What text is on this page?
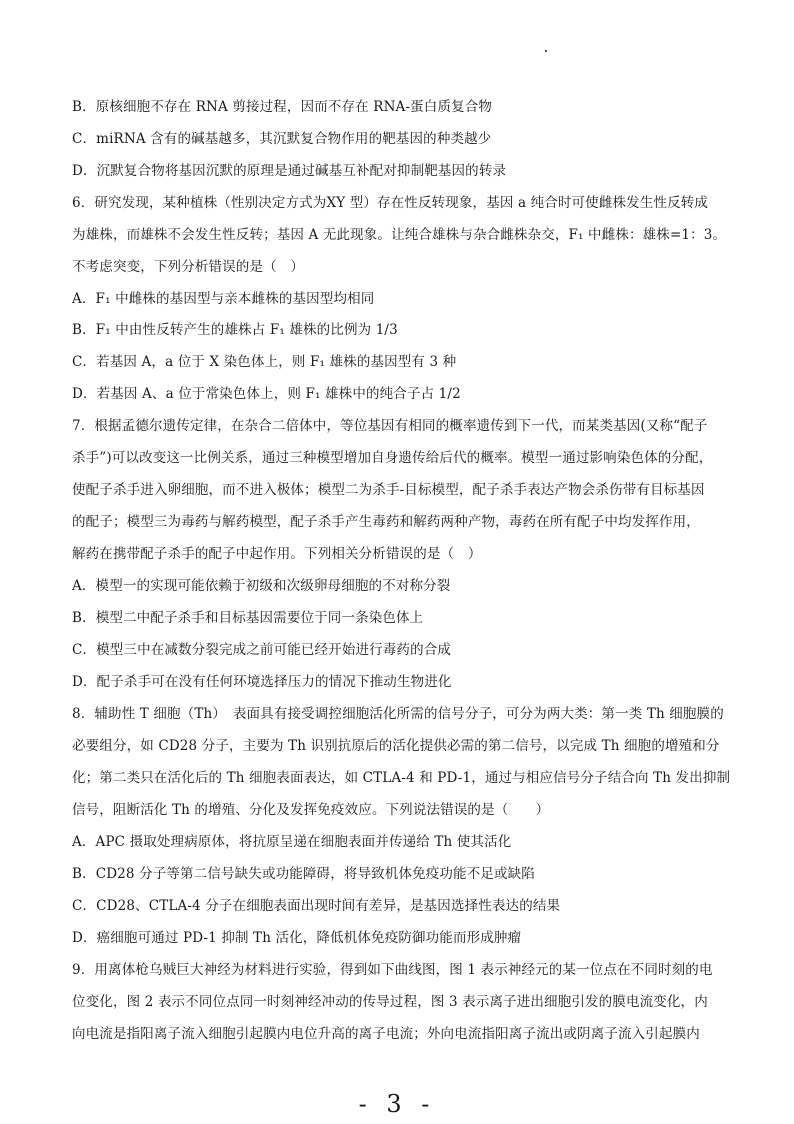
B．原核细胞不存在 RNA 剪接过程，因而不存在 RNA-蛋白质复合物
C．miRNA 含有的碱基越多，其沉默复合物作用的靶基因的种类越少
D．沉默复合物将基因沉默的原理是通过碱基互补配对抑制靶基因的转录
6．研究发现，某种植株（性别决定方式为XY 型）存在性反转现象，基因 a 纯合时可使雌株发生性反转成
为雄株，而雄株不会发生性反转；基因 A 无此现象。让纯合雄株与杂合雌株杂交，F₁ 中雌株：雄株=1：3。
不考虑突变，下列分析错误的是（　）
A．F₁ 中雌株的基因型与亲本雌株的基因型均相同
B．F₁ 中由性反转产生的雄株占 F₁ 雄株的比例为 1/3
C．若基因 A，a 位于 X 染色体上，则 F₁ 雄株的基因型有 3 种
D．若基因 A、a 位于常染色体上，则 F₁ 雄株中的纯合子占 1/2
7．根据孟德尔遗传定律，在杂合二倍体中，等位基因有相同的概率遗传到下一代，而某类基因(又称“配子
杀手”)可以改变这一比例关系，通过三种模型增加自身遗传给后代的概率。模型一通过影响染色体的分配，
使配子杀手进入卵细胞，而不进入极体；模型二为杀手-目标模型，配子杀手表达产物会杀伤带有目标基因
的配子；模型三为毒药与解药模型，配子杀手产生毒药和解药两种产物，毒药在所有配子中均发挥作用，
解药在携带配子杀手的配子中起作用。下列相关分析错误的是（　）
A．模型一的实现可能依赖于初级和次级卵母细胞的不对称分裂
B．模型二中配子杀手和目标基因需要位于同一条染色体上
C．模型三中在减数分裂完成之前可能已经开始进行毒药的合成
D．配子杀手可在没有任何环境选择压力的情况下推动生物进化
8．辅助性 T 细胞（Th）　表面具有接受调控细胞活化所需的信号分子，可分为两大类：第一类 Th 细胞膜的
必要组分，如 CD28 分子，主要为 Th 识别抗原后的活化提供必需的第二信号，以完成 Th 细胞的增殖和分
化；第二类只在活化后的 Th 细胞表面表达，如 CTLA-4 和 PD-1，通过与相应信号分子结合向 Th 发出抑制
信号，阻断活化 Th 的增殖、分化及发挥免疫效应。下列说法错误的是（　　）
A．APC 摄取处理病原体，将抗原呈递在细胞表面并传递给 Th 使其活化
B．CD28 分子等第二信号缺失或功能障碍，将导致机体免疫功能不足或缺陷
C．CD28、CTLA-4 分子在细胞表面出现时间有差异，是基因选择性表达的结果
D．癌细胞可通过 PD-1 抑制 Th 活化，降低机体免疫防御功能而形成肿瘤
9．用离体枪乌贼巨大神经为材料进行实验，得到如下曲线图，图 1 表示神经元的某一位点在不同时刻的电
位变化，图 2 表示不同位点同一时刻神经冲动的传导过程，图 3 表示离子进出细胞引发的膜电流变化，内
向电流是指阳离子流入细胞引起膜内电位升高的离子电流；外向电流指阳离子流出或阴离子流入引起膜内
- 3 -
